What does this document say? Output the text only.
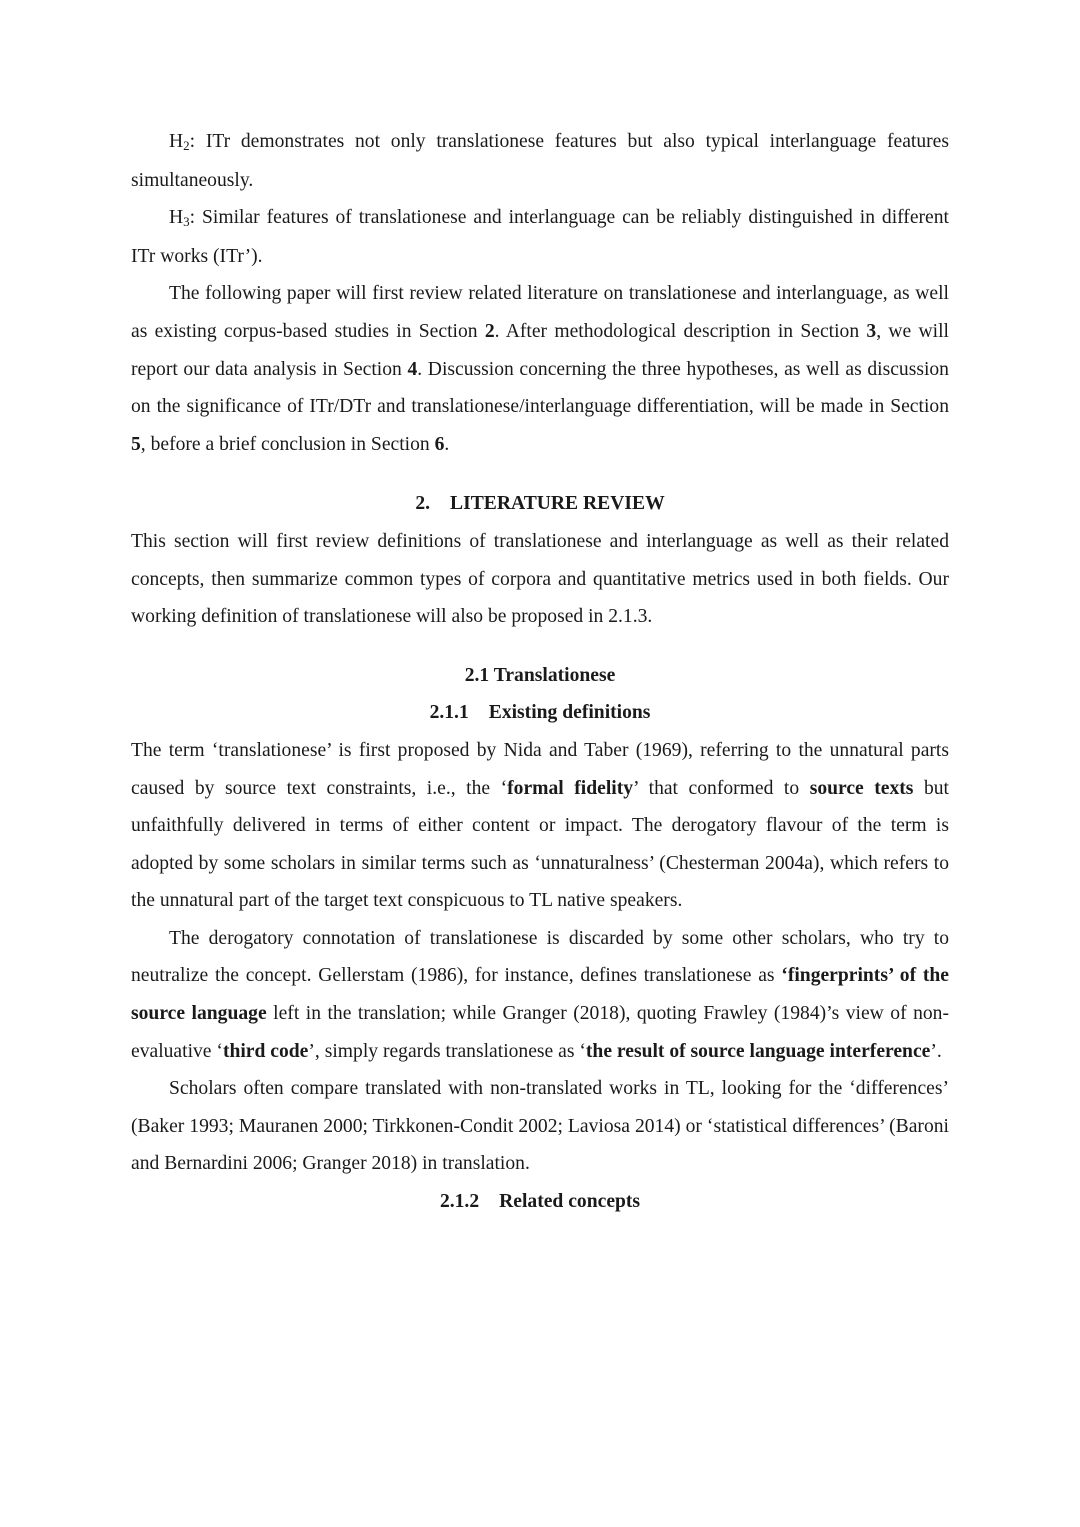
H2: ITr demonstrates not only translationese features but also typical interlanguage features simultaneously.

H3: Similar features of translationese and interlanguage can be reliably distinguished in different ITr works (ITr’).

The following paper will first review related literature on translationese and interlanguage, as well as existing corpus-based studies in Section 2. After methodological description in Section 3, we will report our data analysis in Section 4. Discussion concerning the three hypotheses, as well as discussion on the significance of ITr/DTr and translationese/interlanguage differentiation, will be made in Section 5, before a brief conclusion in Section 6.

2. LITERATURE REVIEW

This section will first review definitions of translationese and interlanguage as well as their related concepts, then summarize common types of corpora and quantitative metrics used in both fields. Our working definition of translationese will also be proposed in 2.1.3.

2.1 Translationese
2.1.1 Existing definitions

The term ‘translationese’ is first proposed by Nida and Taber (1969), referring to the unnatural parts caused by source text constraints, i.e., the ‘formal fidelity’ that conformed to source texts but unfaithfully delivered in terms of either content or impact. The derogatory flavour of the term is adopted by some scholars in similar terms such as ‘unnaturalness’ (Chesterman 2004a), which refers to the unnatural part of the target text conspicuous to TL native speakers.

The derogatory connotation of translationese is discarded by some other scholars, who try to neutralize the concept. Gellerstam (1986), for instance, defines translationese as ‘fingerprints’ of the source language left in the translation; while Granger (2018), quoting Frawley (1984)’s view of non-evaluative ‘third code’, simply regards translationese as ‘the result of source language interference’.

Scholars often compare translated with non-translated works in TL, looking for the ‘differences’ (Baker 1993; Mauranen 2000; Tirkkonen-Condit 2002; Laviosa 2014) or ‘statistical differences’ (Baroni and Bernardini 2006; Granger 2018) in translation.

2.1.2 Related concepts
